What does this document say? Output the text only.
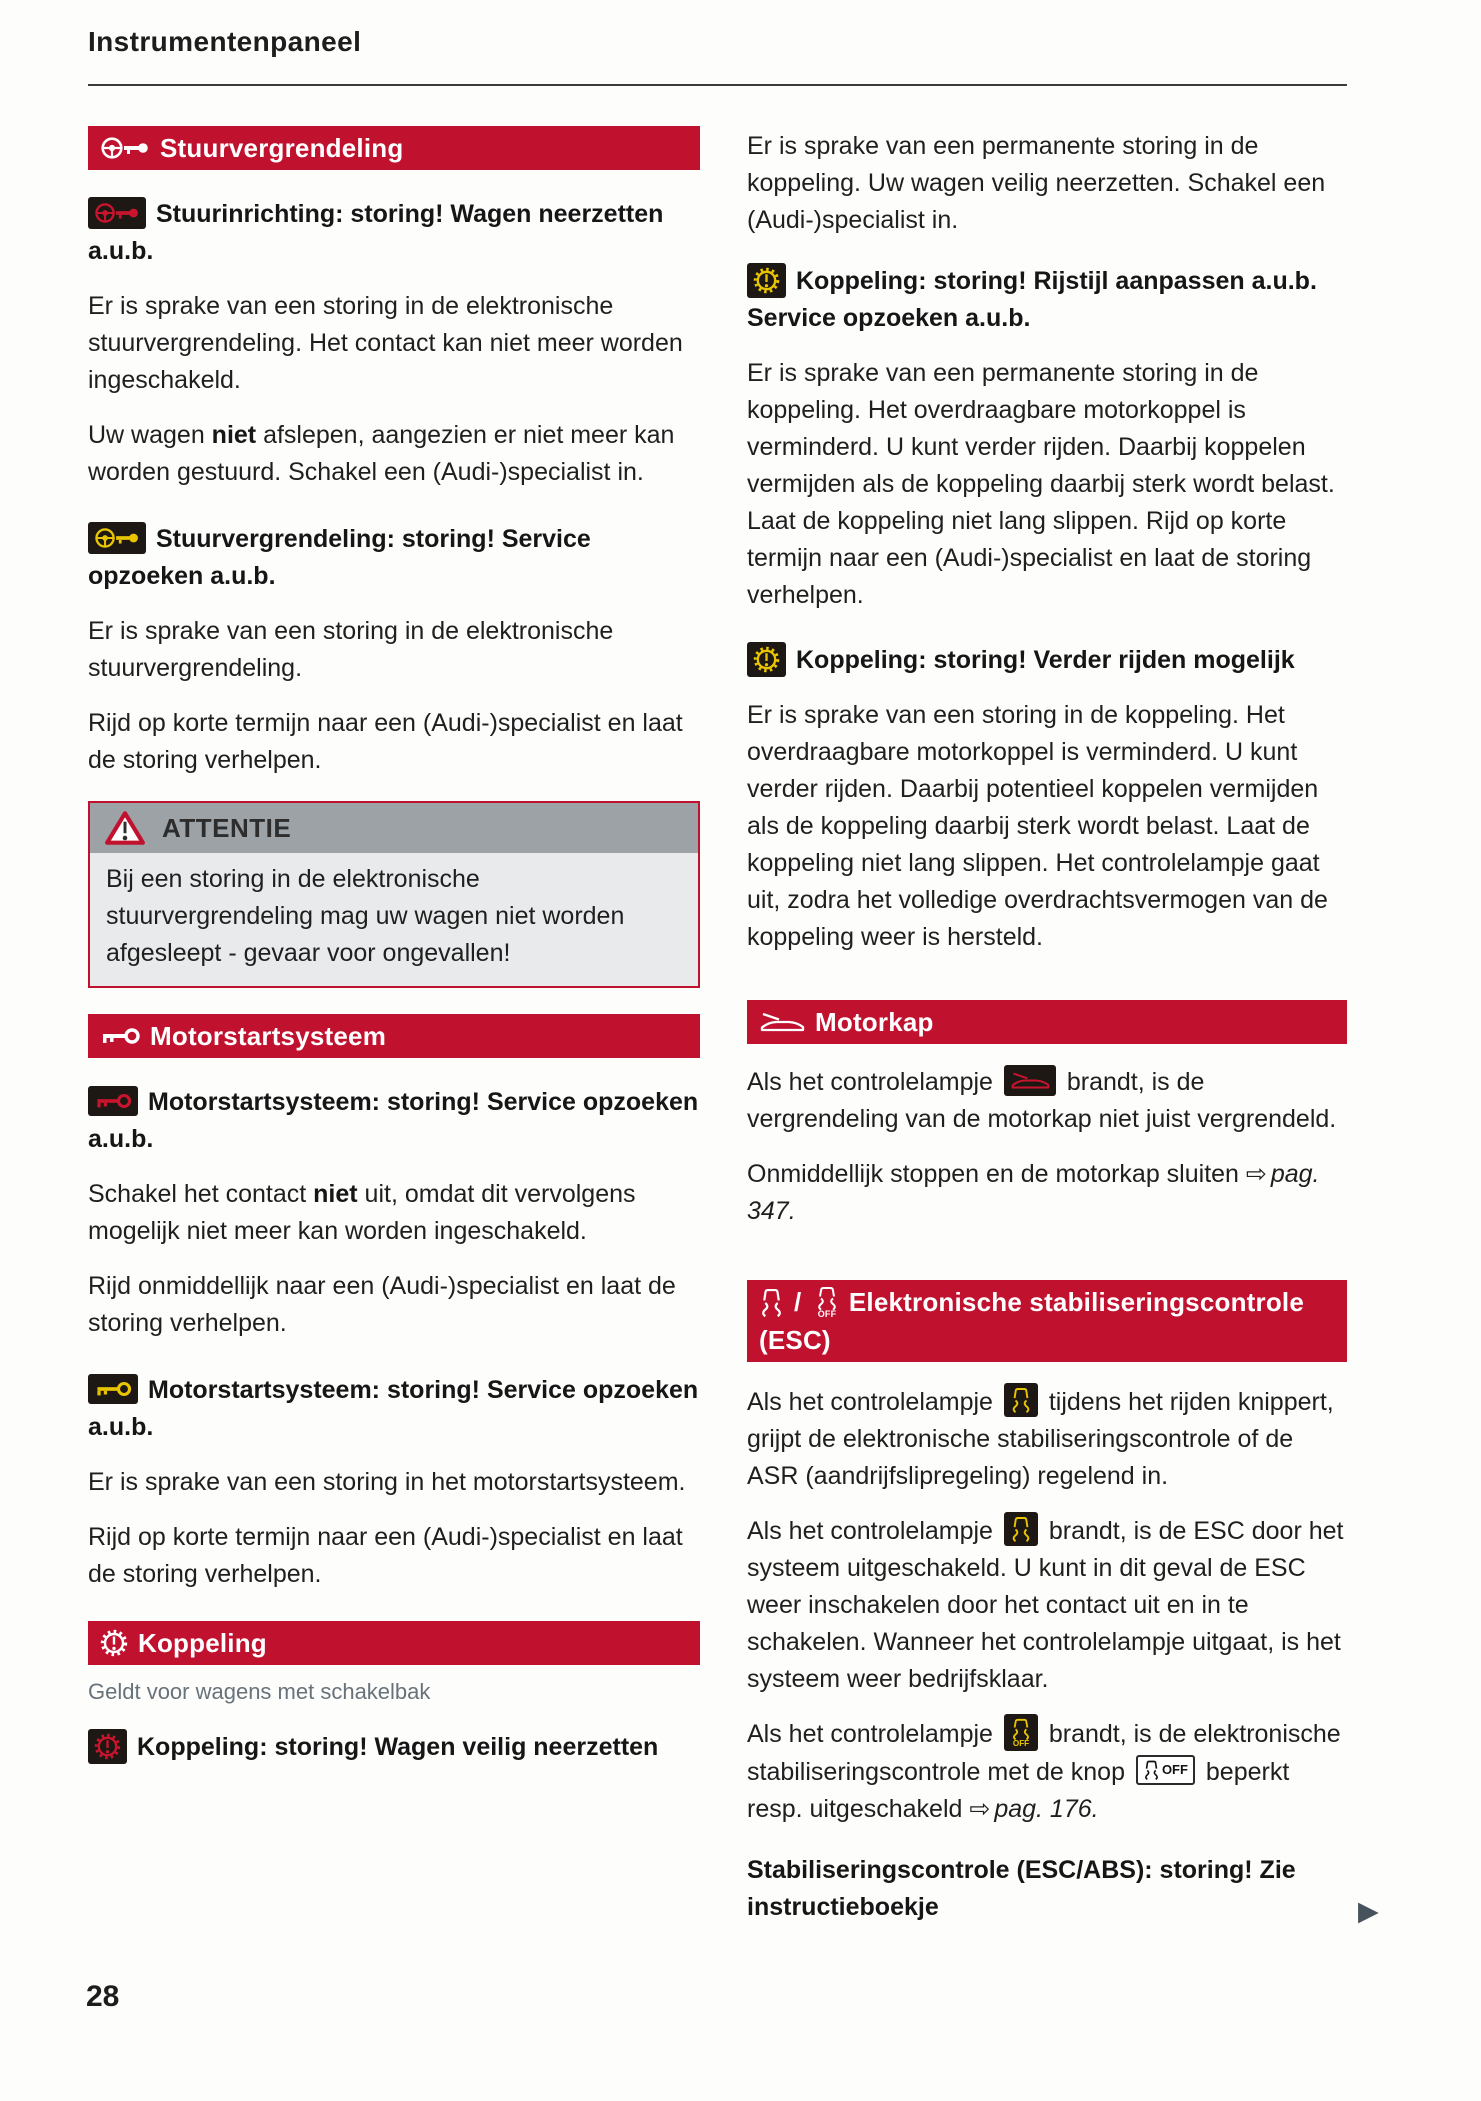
Instrumentenpaneel
Stuurvergrendeling
Stuurinrichting: storing! Wagen neerzetten a.u.b.

Er is sprake van een storing in de elektronische stuurvergrendeling. Het contact kan niet meer worden ingeschakeld.

Uw wagen niet afslepen, aangezien er niet meer kan worden gestuurd. Schakel een (Audi-)specialist in.

Stuurvergrendeling: storing! Service opzoeken a.u.b.

Er is sprake van een storing in de elektronische stuurvergrendeling.

Rijd op korte termijn naar een (Audi-)specialist en laat de storing verhelpen.

ATTENTIE
Bij een storing in de elektronische stuurvergrendeling mag uw wagen niet worden afgesleept - gevaar voor ongevallen!
Motorstartsysteem
Motorstartsysteem: storing! Service opzoeken a.u.b.

Schakel het contact niet uit, omdat dit vervolgens mogelijk niet meer kan worden ingeschakeld.

Rijd onmiddellijk naar een (Audi-)specialist en laat de storing verhelpen.

Motorstartsysteem: storing! Service opzoeken a.u.b.

Er is sprake van een storing in het motorstartsysteem.

Rijd op korte termijn naar een (Audi-)specialist en laat de storing verhelpen.

Koppeling
Geldt voor wagens met schakelbak
Koppeling: storing! Wagen veilig neerzetten

Er is sprake van een permanente storing in de koppeling. Uw wagen veilig neerzetten. Schakel een (Audi-)specialist in.

Koppeling: storing! Rijstijl aanpassen a.u.b. Service opzoeken a.u.b.

Er is sprake van een permanente storing in de koppeling. Het overdraagbare motorkoppel is verminderd. U kunt verder rijden. Daarbij koppelen vermijden als de koppeling daarbij sterk wordt belast. Laat de koppeling niet lang slippen. Rijd op korte termijn naar een (Audi-)specialist en laat de storing verhelpen.

Koppeling: storing! Verder rijden mogelijk

Er is sprake van een storing in de koppeling. Het overdraagbare motorkoppel is verminderd. U kunt verder rijden. Daarbij potentieel koppelen vermijden als de koppeling daarbij sterk wordt belast. Laat de koppeling niet lang slippen. Het controlelampje gaat uit, zodra het volledige overdrachtsvermogen van de koppeling weer is hersteld.

Motorkap

Als het controlelampje  brandt, is de vergrendeling van de motorkap niet juist vergrendeld.

Onmiddellijk stoppen en de motorkap sluiten ⇨ pag. 347.

/ OFF Elektronische stabiliseringscontrole (ESC)

Als het controlelampje  tijdens het rijden knippert, grijpt de elektronische stabiliseringscontrole of de ASR (aandrijfslipregeling) regelend in.

Als het controlelampje  brandt, is de ESC door het systeem uitgeschakeld. U kunt in dit geval de ESC weer inschakelen door het contact uit en in te schakelen. Wanneer het controlelampje uitgaat, is het systeem weer bedrijfsklaar.

Als het controlelampje OFF brandt, is de elektronische stabiliseringscontrole met de knop OFF beperkt resp. uitgeschakeld ⇨ pag. 176.

Stabiliseringscontrole (ESC/ABS): storing! Zie instructieboekje
28
▶
